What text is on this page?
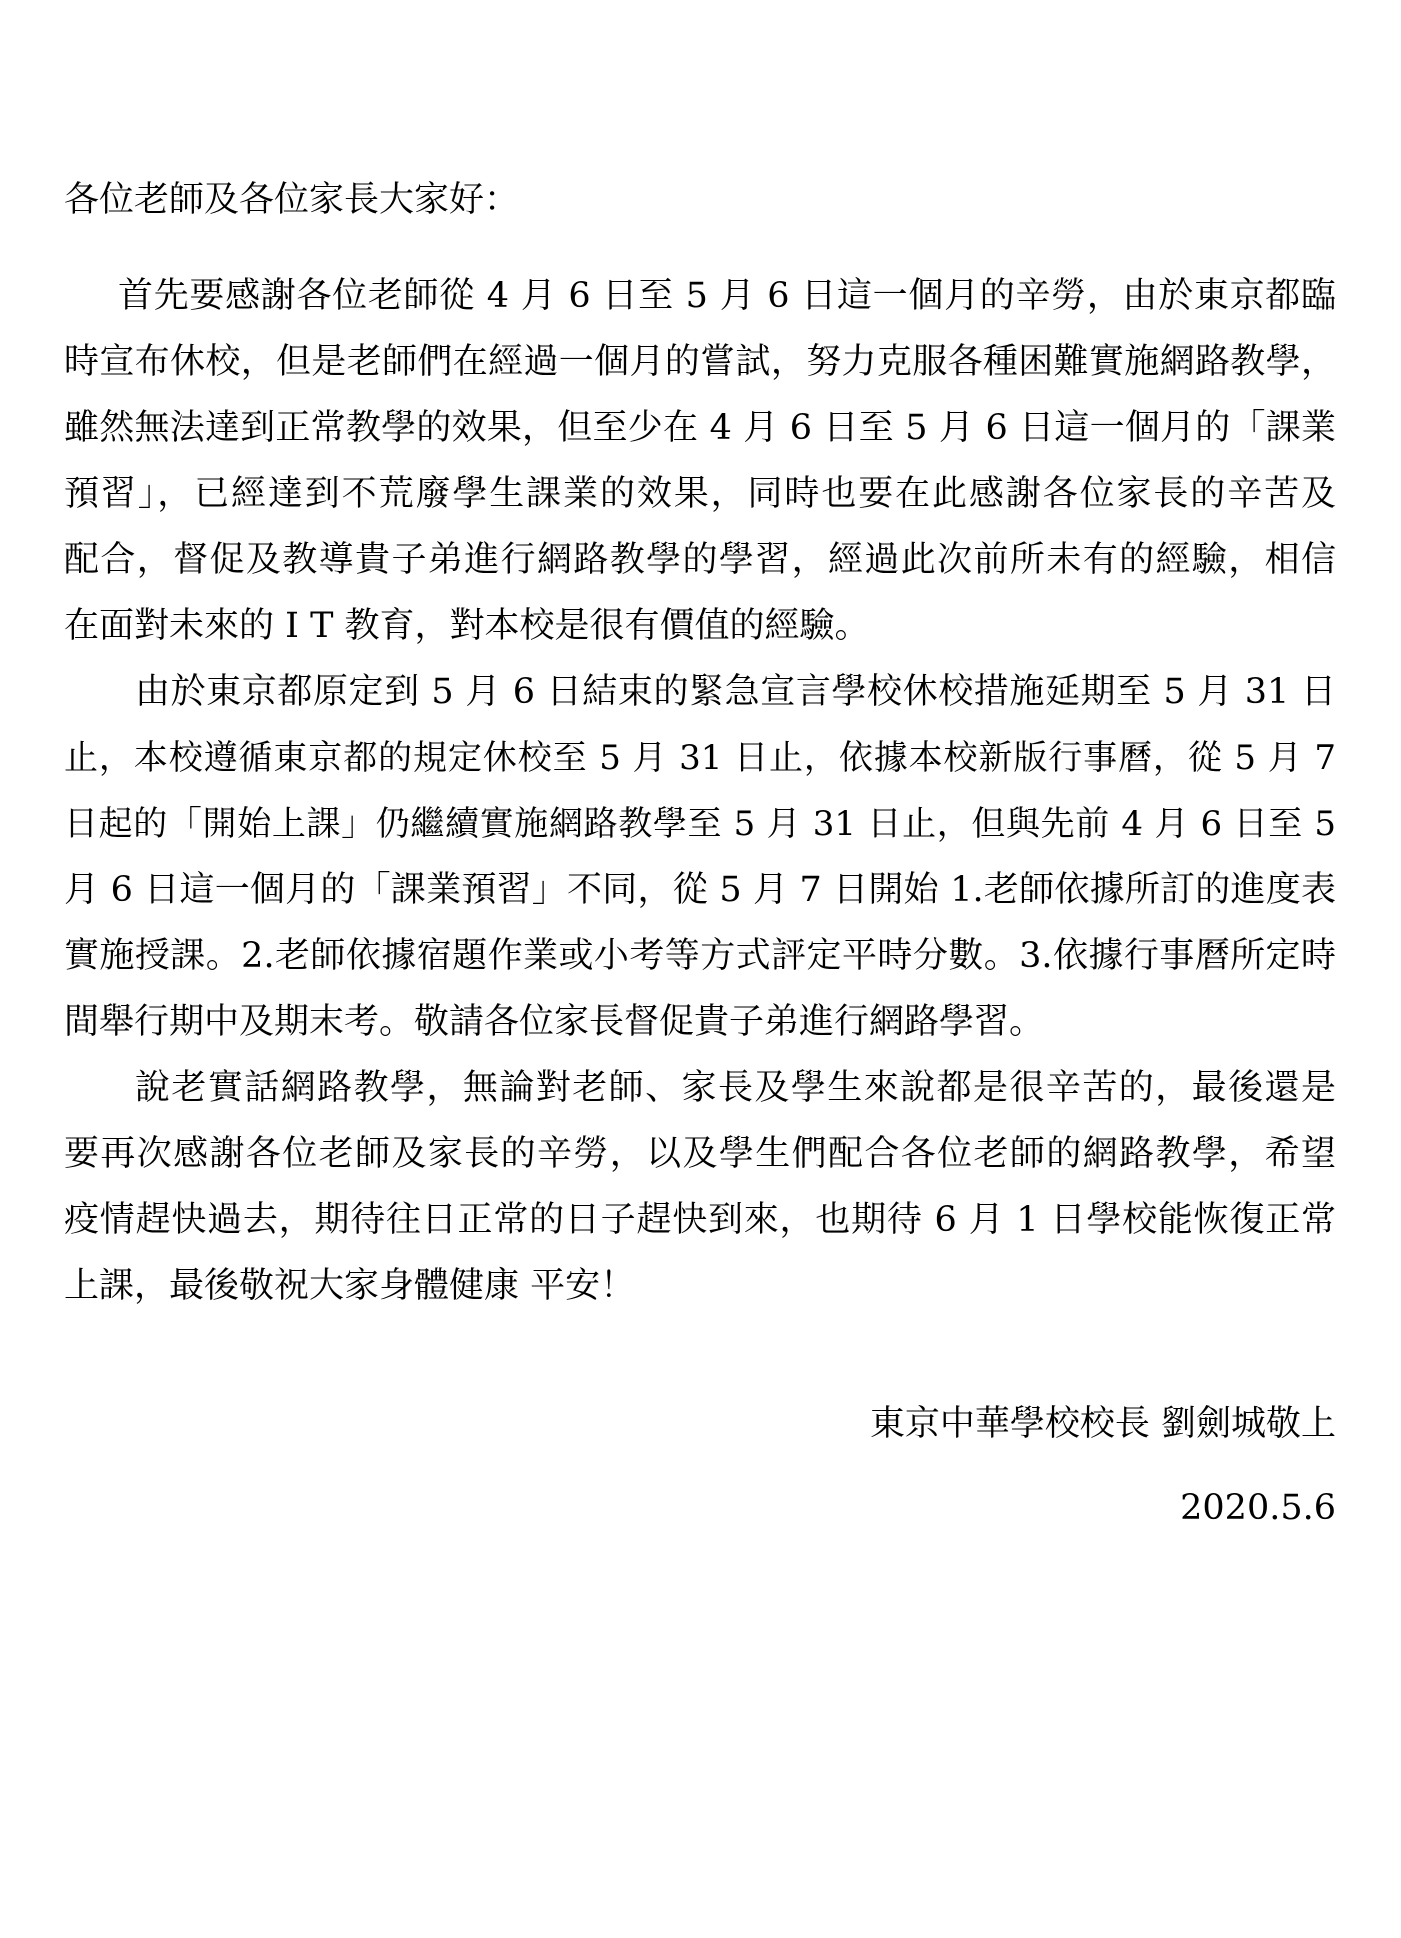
各位老師及各位家長大家好：
首先要感謝各位老師從 4 月 6 日至 5 月 6 日這一個月的辛勞，由於東京都臨
時宣布休校，但是老師們在經過一個月的嘗試，努力克服各種困難實施網路教學，
雖然無法達到正常教學的效果，但至少在 4 月 6 日至 5 月 6 日這一個月的「課業
預習」，已經達到不荒廢學生課業的效果，同時也要在此感謝各位家長的辛苦及
配合，督促及教導貴子弟進行網路教學的學習，經過此次前所未有的經驗，相信
在面對未來的 I T 教育，對本校是很有價值的經驗。
由於東京都原定到 5 月 6 日結束的緊急宣言學校休校措施延期至 5 月 31 日
止，本校遵循東京都的規定休校至 5 月 31 日止，依據本校新版行事曆，從 5 月 7
日起的「開始上課」仍繼續實施網路教學至 5 月 31 日止，但與先前 4 月 6 日至 5
月 6 日這一個月的「課業預習」不同，從 5 月 7 日開始 1.老師依據所訂的進度表
實施授課。2.老師依據宿題作業或小考等方式評定平時分數。3.依據行事曆所定時
間舉行期中及期末考。敬請各位家長督促貴子弟進行網路學習。
說老實話網路教學，無論對老師、家長及學生來說都是很辛苦的，最後還是
要再次感謝各位老師及家長的辛勞，以及學生們配合各位老師的網路教學，希望
疫情趕快過去，期待往日正常的日子趕快到來，也期待 6 月 1 日學校能恢復正常
上課，最後敬祝大家身體健康 平安！
東京中華學校校長 劉劍城敬上
2020.5.6
